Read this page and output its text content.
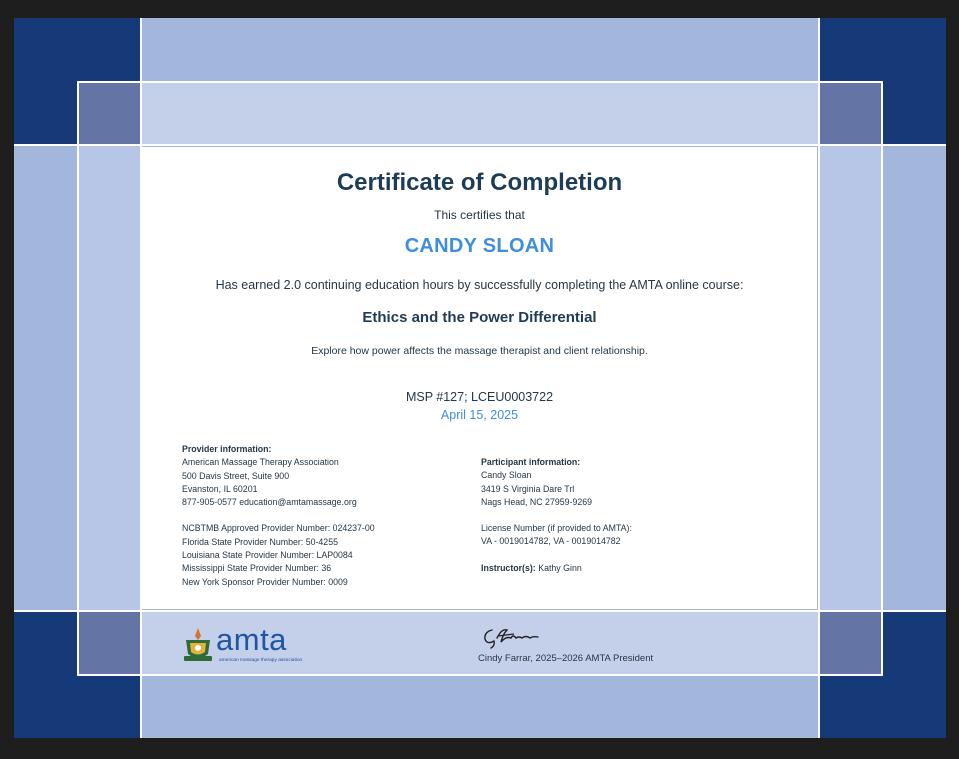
Certificate of Completion
This certifies that
CANDY SLOAN
Has earned 2.0 continuing education hours by successfully completing the AMTA online course:
Ethics and the Power Differential
Explore how power affects the massage therapist and client relationship.
MSP #127; LCEU0003722
April 15, 2025
Provider information:
American Massage Therapy Association
500 Davis Street, Suite 900
Evanston, IL 60201
877-905-0577 education@amtamassage.org
NCBTMB Approved Provider Number: 024237-00
Florida State Provider Number: 50-4255
Louisiana State Provider Number: LAP0084
Mississippi State Provider Number: 36
New York Sponsor Provider Number: 0009
Participant information:
Candy Sloan
3419 S Virginia Dare Trl
Nags Head, NC 27959-9269
License Number (if provided to AMTA):
VA - 0019014782, VA - 0019014782
Instructor(s): Kathy Ginn
amta
american massage therapy association	Cindy Farrar, 2025–2026 AMTA President
